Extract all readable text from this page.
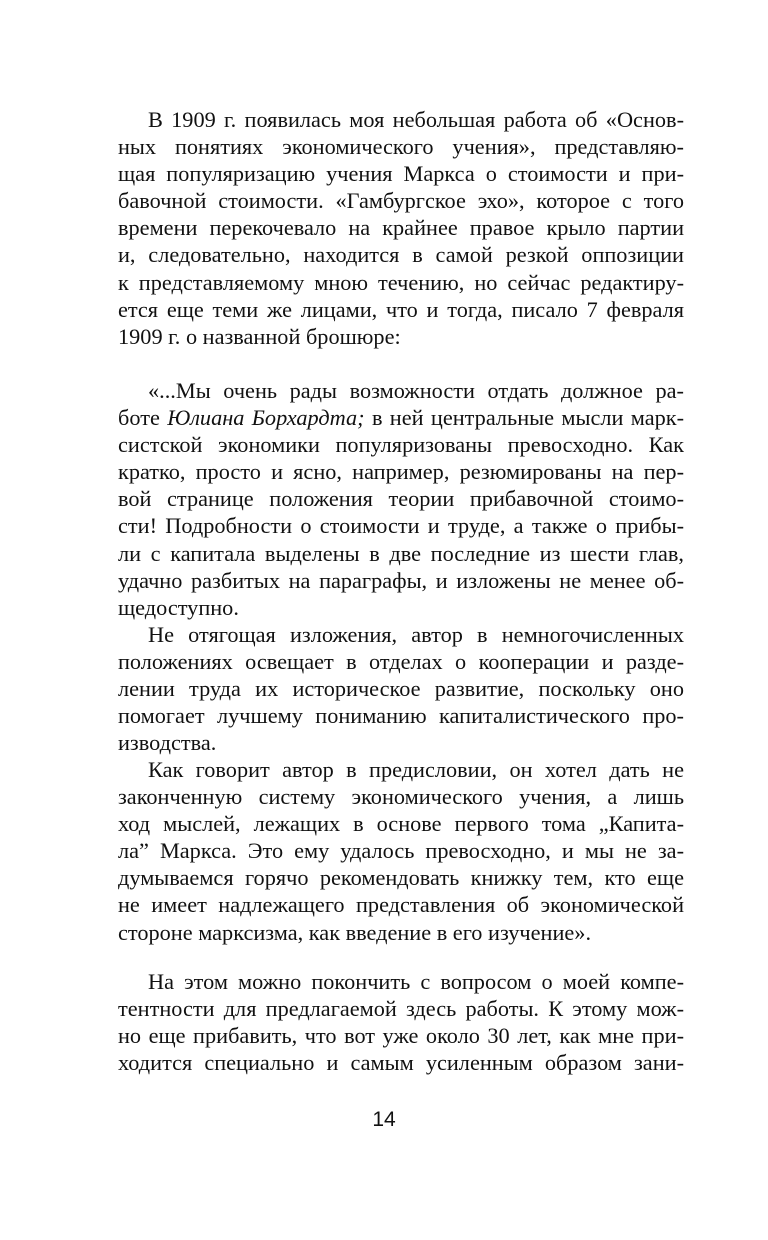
В 1909 г. появилась моя небольшая работа об «Основ-
ных понятиях экономического учения», представляю-
щая популяризацию учения Маркса о стоимости и при-
бавочной стоимости. «Гамбургское эхо», которое с того
времени перекочевало на крайнее правое крыло партии
и, следовательно, находится в самой резкой оппозиции
к представляемому мною течению, но сейчас редактиру-
ется еще теми же лицами, что и тогда, писало 7 февраля
1909 г. о названной брошюре:
«...Мы очень рады возможности отдать должное ра-
боте Юлиана Борхардта; в ней центральные мысли марк-
систской экономики популяризованы превосходно. Как
кратко, просто и ясно, например, резюмированы на пер-
вой странице положения теории прибавочной стоимо-
сти! Подробности о стоимости и труде, а также о прибы-
ли с капитала выделены в две последние из шести глав,
удачно разбитых на параграфы, и изложены не менее об-
щедоступно.
Не отягощая изложения, автор в немногочисленных
положениях освещает в отделах о кооперации и разде-
лении труда их историческое развитие, поскольку оно
помогает лучшему пониманию капиталистического про-
изводства.
Как говорит автор в предисловии, он хотел дать не
законченную систему экономического учения, а лишь
ход мыслей, лежащих в основе первого тома „Капита-
ла” Маркса. Это ему удалось превосходно, и мы не за-
думываемся горячо рекомендовать книжку тем, кто еще
не имеет надлежащего представления об экономической
стороне марксизма, как введение в его изучение».
На этом можно покончить с вопросом о моей компе-
тентности для предлагаемой здесь работы. К этому мож-
но еще прибавить, что вот уже около 30 лет, как мне при-
ходится специально и самым усиленным образом зани-
14
